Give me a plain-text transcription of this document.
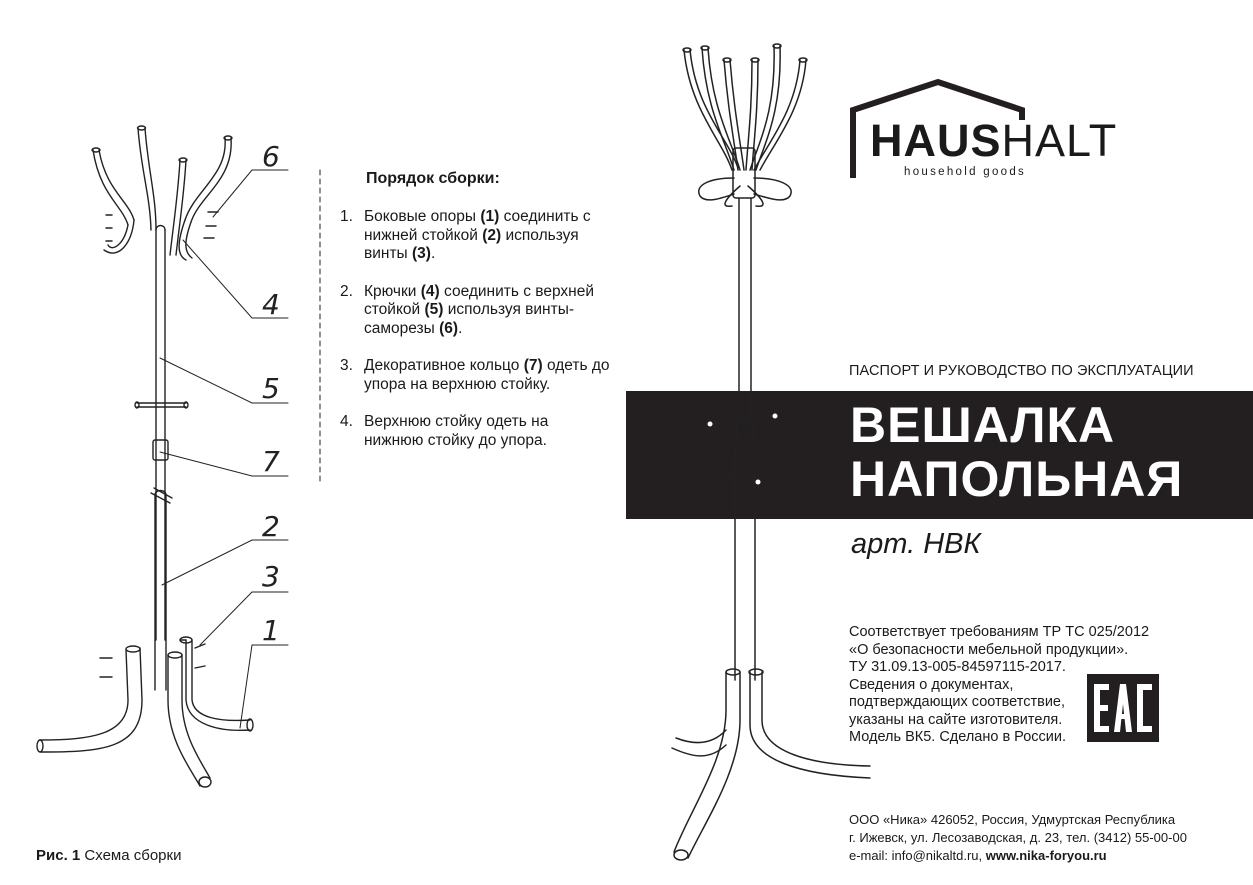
6
4
5
7
2
3
1
Порядок сборки:
1. Боковые опоры (1) соединить с нижней стойкой (2) используя винты (3).
2. Крючки (4) соединить с верхней стойкой (5) используя винты-саморезы (6).
3. Декоративное кольцо (7) одеть до упора на верхнюю стойку.
4. Верхнюю стойку одеть на нижнюю стойку до упора.
Рис. 1 Схема сборки
HAUSHALT
household goods
ПАСПОРТ И РУКОВОДСТВО ПО ЭКСПЛУАТАЦИИ
ВЕШАЛКА
НАПОЛЬНАЯ
арт. НВК
Соответствует требованиям ТР ТС 025/2012
«О безопасности мебельной продукции».
ТУ 31.09.13-005-84597115-2017.
Сведения о документах,
подтверждающих соответствие,
указаны на сайте изготовителя.
Модель ВК5. Сделано в России.
ООО «Ника» 426052, Россия, Удмуртская Республика
г. Ижевск, ул. Лесозаводская, д. 23, тел. (3412) 55-00-00
e-mail: info@nikaltd.ru, www.nika-foryou.ru
